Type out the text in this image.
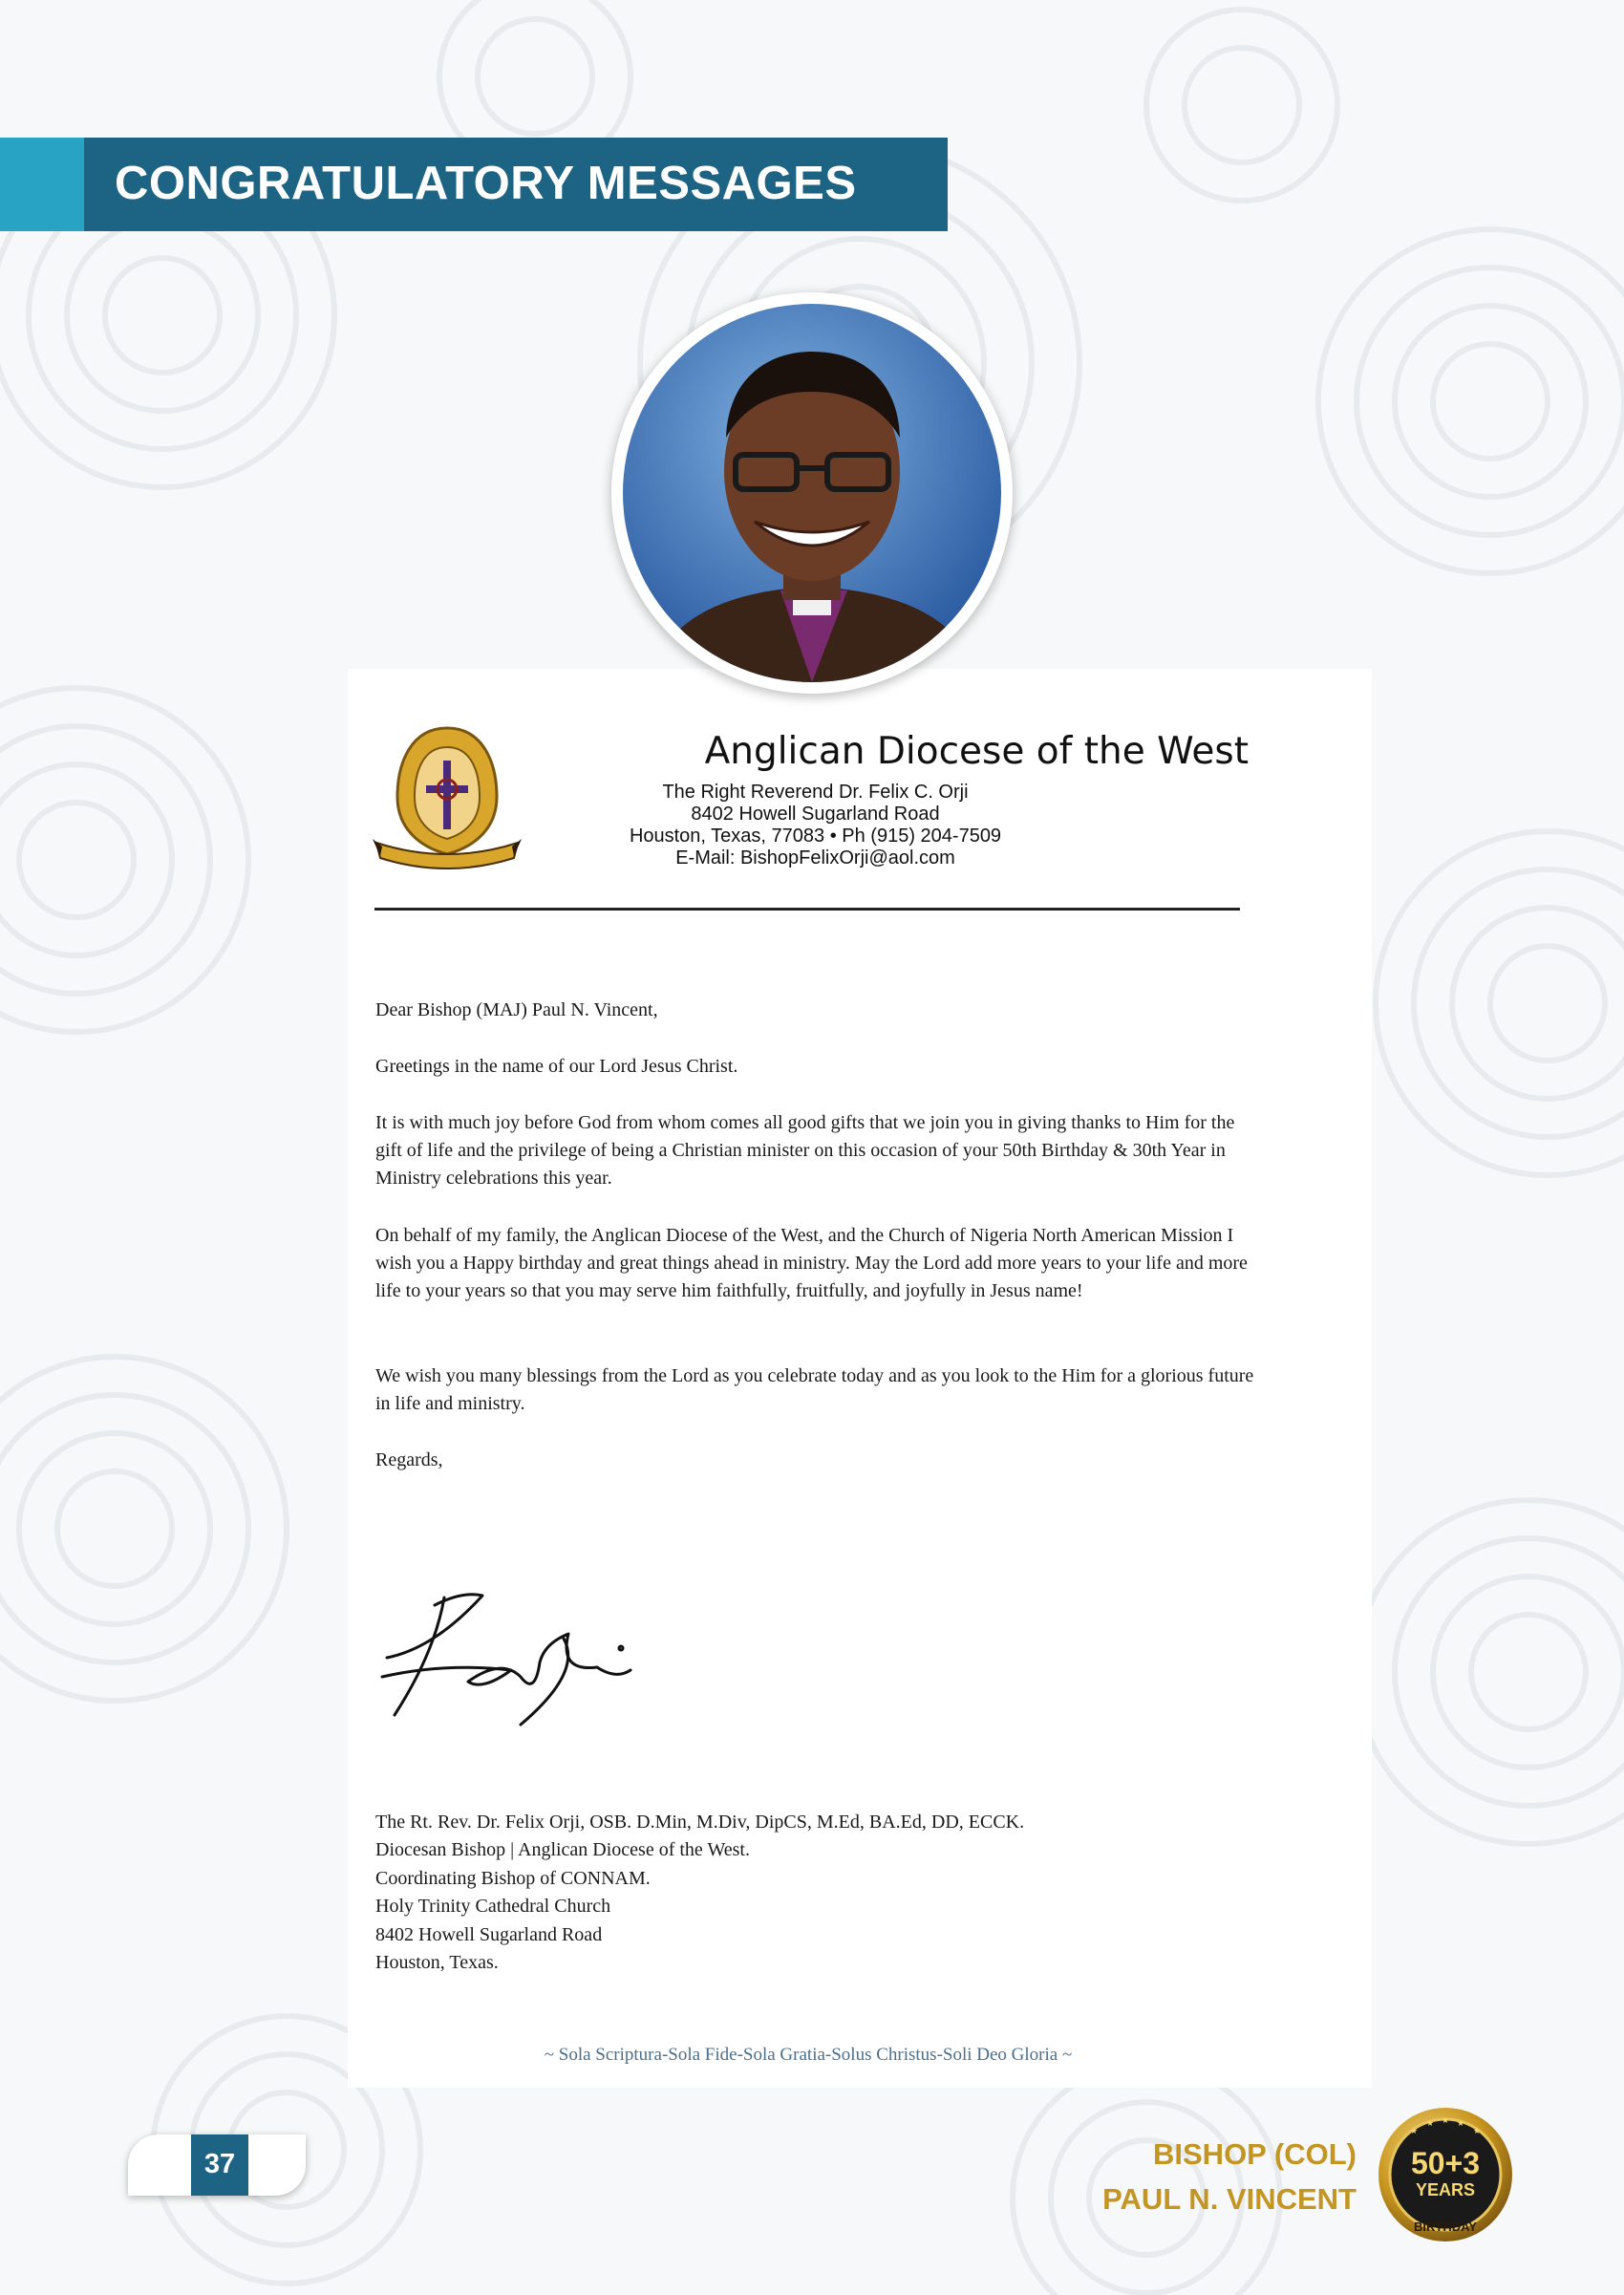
CONGRATULATORY MESSAGES
Anglican Diocese of the West
The Right Reverend Dr. Felix C. Orji
8402 Howell Sugarland Road
Houston, Texas, 77083 • Ph (915) 204-7509
E-Mail: BishopFelixOrji@aol.com

Dear Bishop (MAJ) Paul N. Vincent,

Greetings in the name of our Lord Jesus Christ.

It is with much joy before God from whom comes all good gifts that we join you in giving thanks to Him for the gift of life and the privilege of being a Christian minister on this occasion of your 50th Birthday & 30th Year in Ministry celebrations this year.

On behalf of my family, the Anglican Diocese of the West, and the Church of Nigeria North American Mission I wish you a Happy birthday and great things ahead in ministry. May the Lord add more years to your life and more life to your years so that you may serve him faithfully, fruitfully, and joyfully in Jesus name!

We wish you many blessings from the Lord as you celebrate today and as you look to the Him for a glorious future in life and ministry.

Regards,

The Rt. Rev. Dr. Felix Orji, OSB. D.Min, M.Div, DipCS, M.Ed, BA.Ed, DD, ECCK.
Diocesan Bishop | Anglican Diocese of the West.
Coordinating Bishop of CONNAM.
Holy Trinity Cathedral Church
8402 Howell Sugarland Road
Houston, Texas.
~ Sola Scriptura-Sola Fide-Sola Gratia-Solus Christus-Soli Deo Gloria ~
37	BISHOP (COL)
PAUL N. VINCENT
50+3
YEARS
BIRTHDAY
★
★ ★ ★
★
